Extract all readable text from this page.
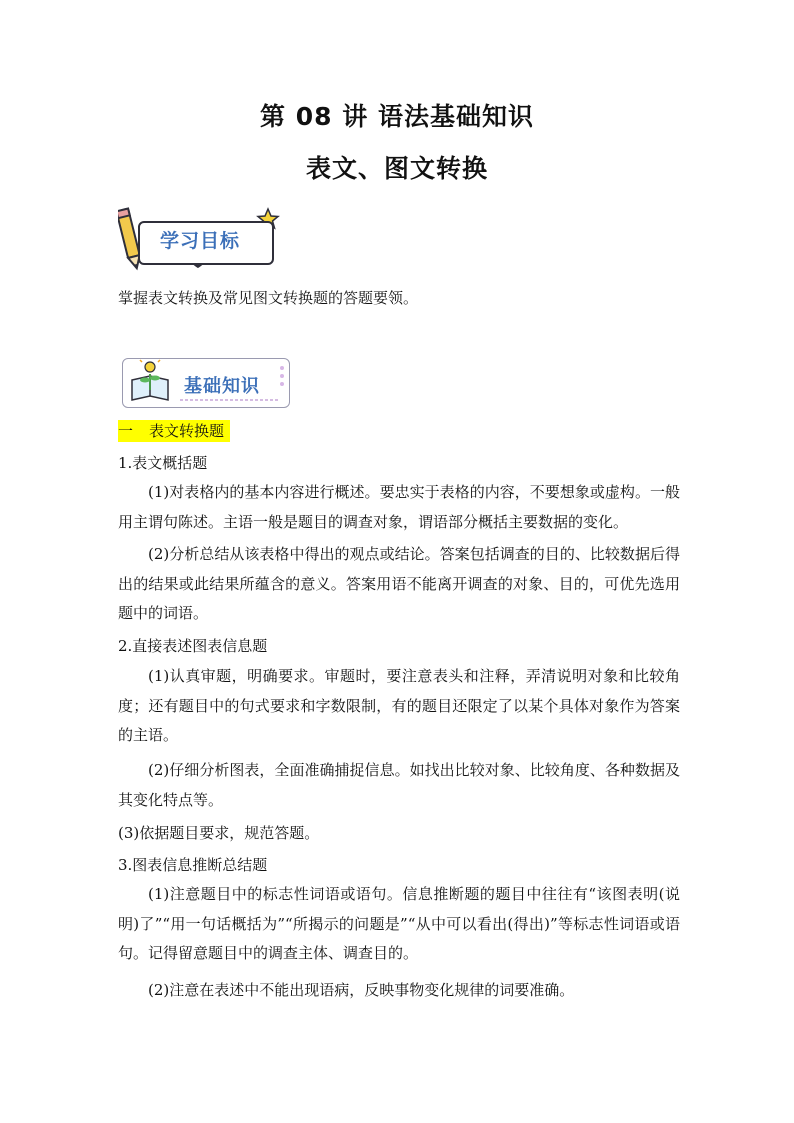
第 08 讲 语法基础知识
表文、图文转换
学习目标
掌握表文转换及常见图文转换题的答题要领。
基础知识
一 表文转换题

1.表文概括题

(1)对表格内的基本内容进行概述。要忠实于表格的内容，不要想象或虚构。一般用主谓句陈述。主语一般是题目的调查对象，谓语部分概括主要数据的变化。

(2)分析总结从该表格中得出的观点或结论。答案包括调查的目的、比较数据后得出的结果或此结果所蕴含的意义。答案用语不能离开调查的对象、目的，可优先选用题中的词语。

2.直接表述图表信息题

(1)认真审题，明确要求。审题时，要注意表头和注释，弄清说明对象和比较角度；还有题目中的句式要求和字数限制，有的题目还限定了以某个具体对象作为答案的主语。

(2)仔细分析图表，全面准确捕捉信息。如找出比较对象、比较角度、各种数据及其变化特点等。

(3)依据题目要求，规范答题。

3.图表信息推断总结题

(1)注意题目中的标志性词语或语句。信息推断题的题目中往往有“该图表明(说明)了”“用一句话概括为”“所揭示的问题是”“从中可以看出(得出)”等标志性词语或语句。记得留意题目中的调查主体、调查目的。

(2)注意在表述中不能出现语病，反映事物变化规律的词要准确。
